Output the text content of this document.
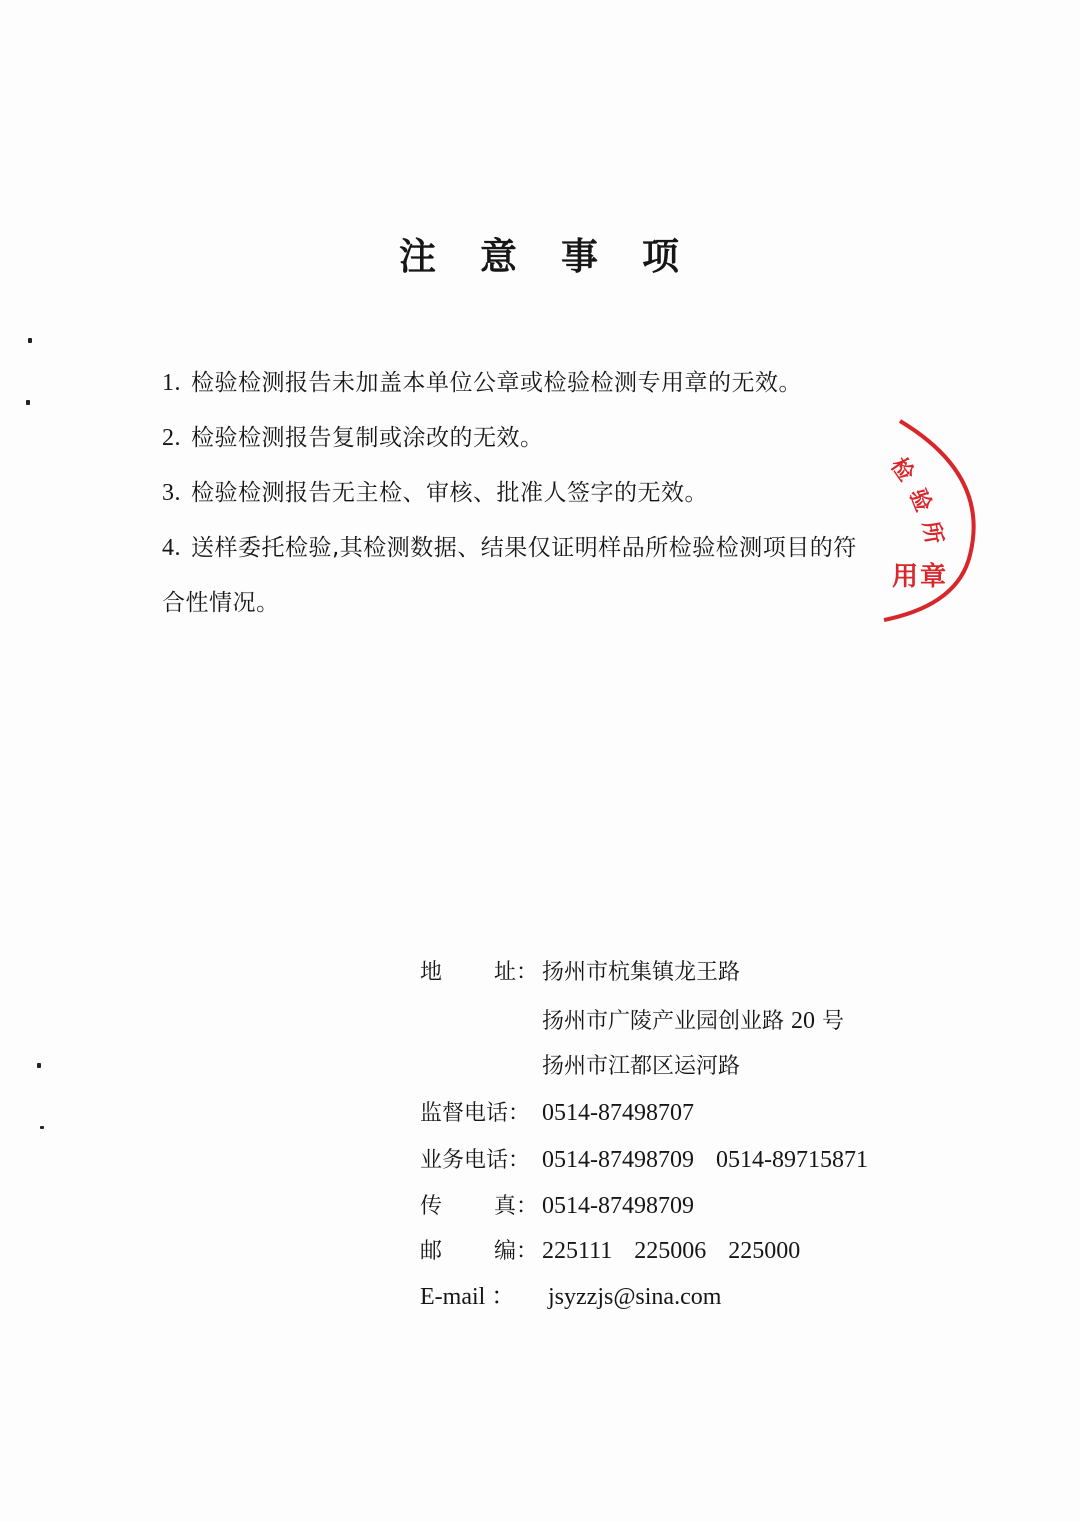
注 意 事 项
1. 检验检测报告未加盖本单位公章或检验检测专用章的无效。
2. 检验检测报告复制或涂改的无效。
3. 检验检测报告无主检、审核、批准人签字的无效。
4. 送样委托检验,其检测数据、结果仅证明样品所检验检测项目的符
合性情况。
检
验
所
用 章
地 址： 扬州市杭集镇龙王路
扬州市广陵产业园创业路 20 号
扬州市江都区运河路
监督电话： 0514-87498707
业务电话： 0514-87498709 0514-89715871
传 真： 0514-87498709
邮 编： 225111 225006 225000
E-mail ： jsyzzjs@sina.com
